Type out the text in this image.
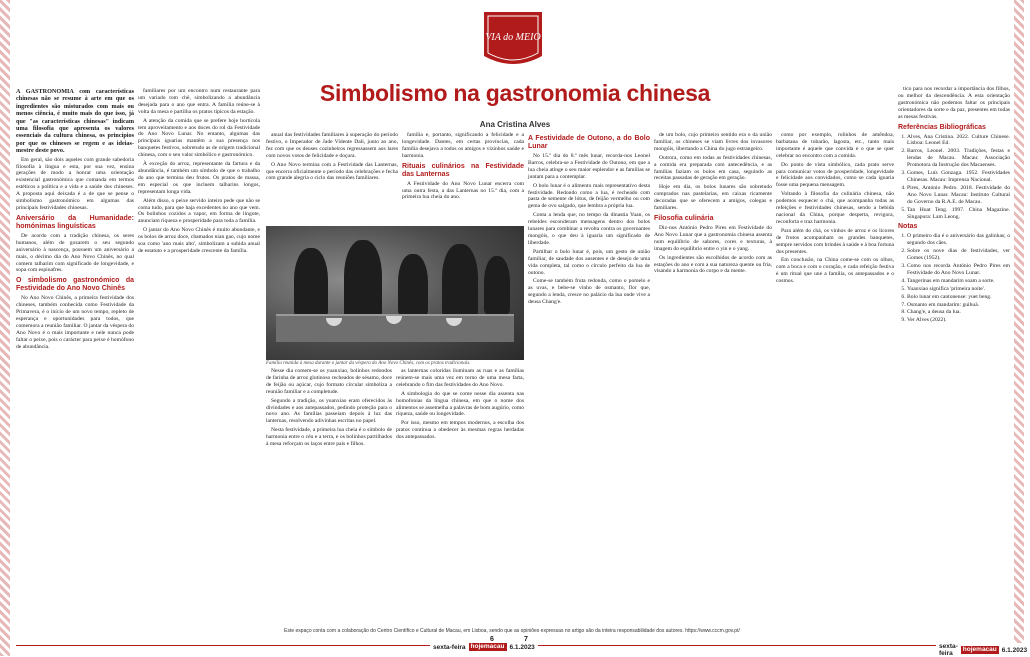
VIA do MEIO
Simbolismo na gastronomia chinesa
Ana Cristina Alves

A GASTRONOMIA com características chinesas não se resume à arte em que os ingredientes são misturados com mais ou menos ciência, é muito mais do que isso, já que "as características chinesas" indicam uma filosofia que apresenta os valores essenciais da cultura chinesa, os princípios por que os chineses se regem e as ideias-mestre deste povo.

Em geral, são dois aqueles com grande sabedoria filosofia à língua e esta, por sua vez, ensina gerações de modo a honrar uma orientação existencial gastronómica que comanda em termos estéticos a política e a vida e a saúde dos chineses. A proposta aqui deixada é a de que se pense o simbolismo gastronómico em algumas das principais festividades chinesas.

Aniversário da Humanidade: homónimas linguísticas

De acordo com a tradição chinesa, os seres humanos, além de gozarem o seu segundo aniversário à nascença, possuem um aniversário a mais, o décimo dia do Ano Novo Chinês, no qual comem talharim com significado de longevidade, e sopa com espinafres.

O simbolismo gastronómico da Festividade do Ano Novo Chinês

No Ano Novo Chinês, a primeira festividade dos chineses, também conhecida como Festividade da Primavera, é o início de um novo tempo, repleto de esperança e oportunidades para todos, que comemora a reunião familiar. O jantar da véspera do Ano Novo é o mais importante e nele nunca pode faltar o peixe, pois o carácter para peixe é homófono de abundância.

familiares por um encontro num restaurante para um variado tom chê, simbolizando a abundância desejada para o ano que entra. A família reúne-se à volta da mesa e partilha os pratos típicos da estação.

A atenção da comida que se prefere hoje hortícola tem aproveitamento e aos doces do rol da Festividade do Ano Novo Lunar. No entanto, algumas das principais iguarias mantêm a sua presença nos banquetes festivos, sobretudo as de origem tradicional chinesa, com o seu valor simbólico e gastronómico.

À exceção do arroz, representante da fartura e da abundância, é também um símbolo de que o trabalho do ano que termina deu frutos. Os pratos de massa, em especial os que incluem talharins longos, representam longa vida.

Além disso, o peixe servido inteiro pede que não se coma tudo, para que haja excedentes no ano que vem. Os bolinhos cozidos a vapor, em forma de lingote, anunciam riqueza e prosperidade para toda a família.

O jantar do Ano Novo Chinês é muito abundante, e os bolos de arroz doce, chamados nian gao, cujo nome soa como 'ano mais alto', simbolizam a subida anual de estatuto e a prosperidade crescente da família.

anual das festividades familiares à superação do período festivo, o Imperador de Jade Vidente Dali, junto ao ano, fez com que os deuses cozinheiros regressassem aos lares com novos votos de felicidade e doçura.

O Ano Novo termina com a Festividade das Lanternas, que encerra oficialmente o período das celebrações e fecha com grande alegria o ciclo das reuniões familiares.

família e, portanto, significando a felicidade e a longevidade. Dantes, em certas províncias, cada família desejava a todos os amigos e vizinhos saúde e harmonia.

Rituais culinários na Festividade das Lanternas

A Festividade do Ano Novo Lunar encerra com uma outra festa, a das Lanternas no 15.º dia, com a primeira lua cheia do ano.

Família reunida à mesa durante o jantar da véspera do Ano Novo Chinês, com os pratos tradicionais.

Nesse dia comem-se os yuanxiao, bolinhos redondos de farinha de arroz glutinoso recheados de sésamo, doce de feijão ou açúcar, cujo formato circular simboliza a reunião familiar e a completude.

Segundo a tradição, os yuanxiao eram oferecidos às divindades e aos antepassados, pedindo proteção para o novo ano. As famílias passeiam depois à luz das lanternas, resolvendo adivinhas escritas no papel.

Nesta festividade, a primeira lua cheia é o símbolo de harmonia entre o céu e a terra, e os bolinhos partilhados à mesa reforçam os laços entre pais e filhos.

as lanternas coloridas iluminam as ruas e as famílias reúnem-se mais uma vez em torno de uma mesa farta, celebrando o fim das festividades do Ano Novo.

A simbologia do que se come nesse dia assenta nas homofonias da língua chinesa, em que o nome dos alimentos se assemelha a palavras de bom augúrio, como riqueza, saúde ou longevidade.

Por isso, mesmo em tempos modernos, a escolha dos pratos continua a obedecer às mesmas regras herdadas dos antepassados.

A Festividade de Outono, a do Bolo Lunar

No 15.º dia do 8.º mês lunar, recorda-nos Leonel Barros, celebra-se a Festividade do Outono, em que a lua cheia atinge o seu maior esplendor e as famílias se juntam para a contemplar.

O bolo lunar é o alimento mais representativo desta festividade. Redondo como a lua, é recheado com pasta de semente de lótus, de feijão vermelho ou com gema de ovo salgado, que lembra a própria lua.

Conta a lenda que, no tempo da dinastia Yuan, os rebeldes esconderam mensagens dentro dos bolos lunares para combinar a revolta contra os governantes mongóis, o que deu à iguaria um significado de liberdade.

Partilhar o bolo lunar é, pois, um gesto de união familiar, de saudade dos ausentes e de desejo de uma vida completa, tal como o círculo perfeito da lua de outono.

Come-se também fruta redonda, como o pomelo e as uvas, e bebe-se vinho de osmanto, flor que, segundo a lenda, cresce no palácio da lua onde vive a deusa Chang'e.

de um bolo, cujo primeiro sentido era o da união familiar, os chineses se viam livres dos invasores mongóis, libertando a China do jugo estrangeiro.

Outrora, como em todas as festividades chinesas, a comida era preparada com antecedência, e as famílias faziam os bolos em casa, seguindo as receitas passadas de geração em geração.

Hoje em dia, os bolos lunares são sobretudo comprados nas pastelarias, em caixas ricamente decoradas que se oferecem a amigos, colegas e familiares.

Filosofia culinária

Diz-nos António Pedro Pires em Festividade do Ano Novo Lunar que a gastronomia chinesa assenta num equilíbrio de sabores, cores e texturas, à imagem do equilíbrio entre o yin e o yang.

Os ingredientes são escolhidos de acordo com as estações do ano e com a sua natureza quente ou fria, visando a harmonia do corpo e da mente.

como por exemplo, rolinhos de amêndoa, barbatana de tubarão, lagosta, etc., tanto mais importante é aquele que convida e o que se quer celebrar no encontro com a comida.

Do ponto de vista simbólico, cada prato serve para comunicar votos de prosperidade, longevidade e felicidade aos convidados, como se cada iguaria fosse uma pequena mensagem.

Voltando à filosofia da culinária chinesa, não podemos esquecer o chá, que acompanha todas as refeições e festividades chinesas, sendo a bebida nacional da China, porque desperta, revigora, reconforta e traz harmonia.

Para além do chá, os vinhos de arroz e os licores de frutos acompanham os grandes banquetes, sempre servidos com brindes à saúde e à boa fortuna dos presentes.

Em conclusão, na China come-se com os olhos, com a boca e com o coração, e cada refeição festiva é um ritual que une a família, os antepassados e o cosmos.

tico para nos recordar a importância dos filhos, ou melhor da descendência. A esta orientação gastronómica não podemos faltar os principais orientadores da sorte e da paz, presentes em todas as mesas festivas.

Referências Bibliográficas
1. Alves, Ana Cristina. 2022. Culture Chinese. Lisboa: Leonel Ed.
2. Barros, Leonel. 2003. Tradições, festas e lendas de Macau. Macau: Associação Promotora da Instrução dos Macaenses.
3. Gomes, Luís Gonzaga. 1952. Festividades Chinesas. Macau: Imprensa Nacional.
4. Pires, António Pedro. 2018. Festividade do Ano Novo Lunar. Macau: Instituto Cultural do Governo da R.A.E. de Macau.
5. Tan Huat Teng. 1997. China Magazine. Singapura: Lam Leong.
Notas
1. O primeiro dia é o aniversário das galinhas; o segundo dos cães.
2. Sobre os nove dias de festividades, ver Gomes (1952).
3. Como nos recorda António Pedro Pires em Festividade do Ano Novo Lunar.
4. Tangerinas em mandarim soam a sorte.
5. Yuanxiao significa 'primeira noite'.
6. Bolo lunar em cantonense: yuet beng.
7. Osmanto em mandarim: guìhuā.
8. Chang'e, a deusa da lua.
9. Ver Alves (2022).
Este espaço conta com a colaboração do Centro Científico e Cultural de Macau, em Lisboa, sendo que as opiniões expressas no artigo são da inteira responsabilidade dos autores. https://www.cccm.gov.pt/
6	7
sexta-feira hojemacau 6.1.2023	sexta-feira
hojemacau 6.1.2023
